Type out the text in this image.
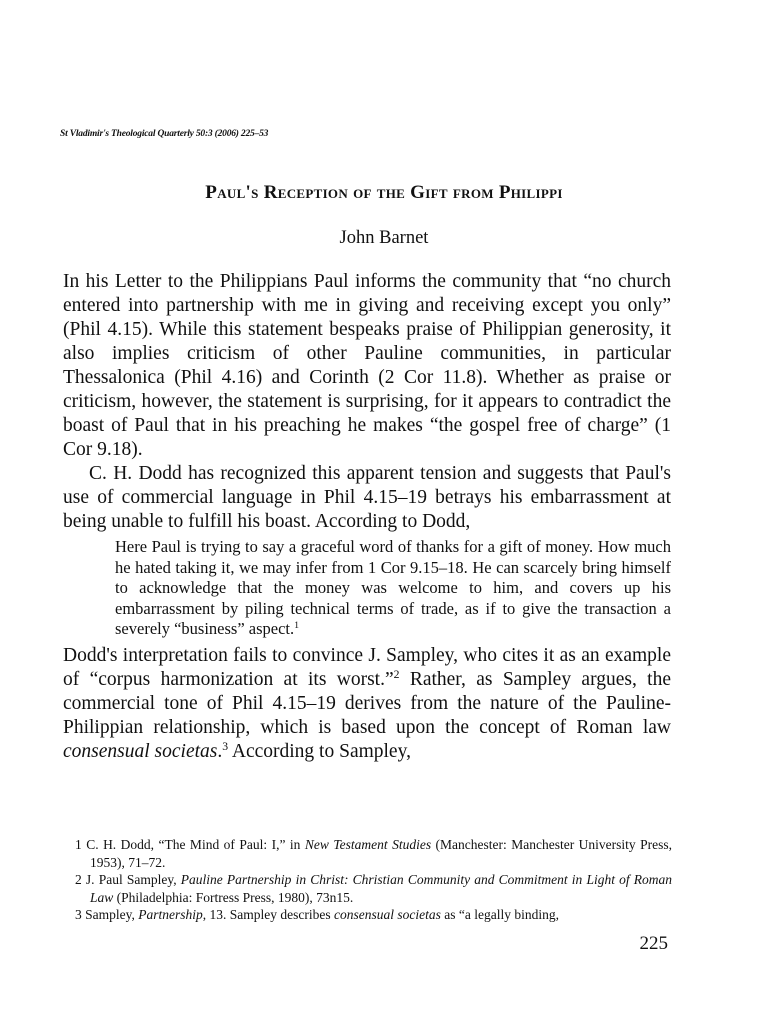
St Vladimir's Theological Quarterly 50:3 (2006) 225–53
Paul's Reception of the Gift from Philippi
John Barnet

In his Letter to the Philippians Paul informs the community that “no church entered into partnership with me in giving and receiving except you only” (Phil 4.15). While this statement bespeaks praise of Philippian generosity, it also implies criticism of other Pauline communities, in particular Thessalonica (Phil 4.16) and Corinth (2 Cor 11.8). Whether as praise or criticism, however, the statement is surprising, for it appears to contradict the boast of Paul that in his preaching he makes “the gospel free of charge” (1 Cor 9.18).

C. H. Dodd has recognized this apparent tension and suggests that Paul's use of commercial language in Phil 4.15–19 betrays his embarrassment at being unable to fulfill his boast. According to Dodd,

Here Paul is trying to say a graceful word of thanks for a gift of money. How much he hated taking it, we may infer from 1 Cor 9.15–18. He can scarcely bring himself to acknowledge that the money was welcome to him, and covers up his embarrassment by piling technical terms of trade, as if to give the transaction a severely “business” aspect.$^1$

Dodd's interpretation fails to convince J. Sampley, who cites it as an example of “corpus harmonization at its worst.”$^2$ Rather, as Sampley argues, the commercial tone of Phil 4.15–19 derives from the nature of the Pauline-Philippian relationship, which is based upon the concept of Roman law consensual societas.$^3$ According to Sampley,

1 C. H. Dodd, “The Mind of Paul: I,” in New Testament Studies (Manchester: Manchester University Press, 1953), 71–72.
2 J. Paul Sampley, Pauline Partnership in Christ: Christian Community and Commitment in Light of Roman Law (Philadelphia: Fortress Press, 1980), 73n15.
3 Sampley, Partnership, 13. Sampley describes consensual societas as “a legally binding,
225
